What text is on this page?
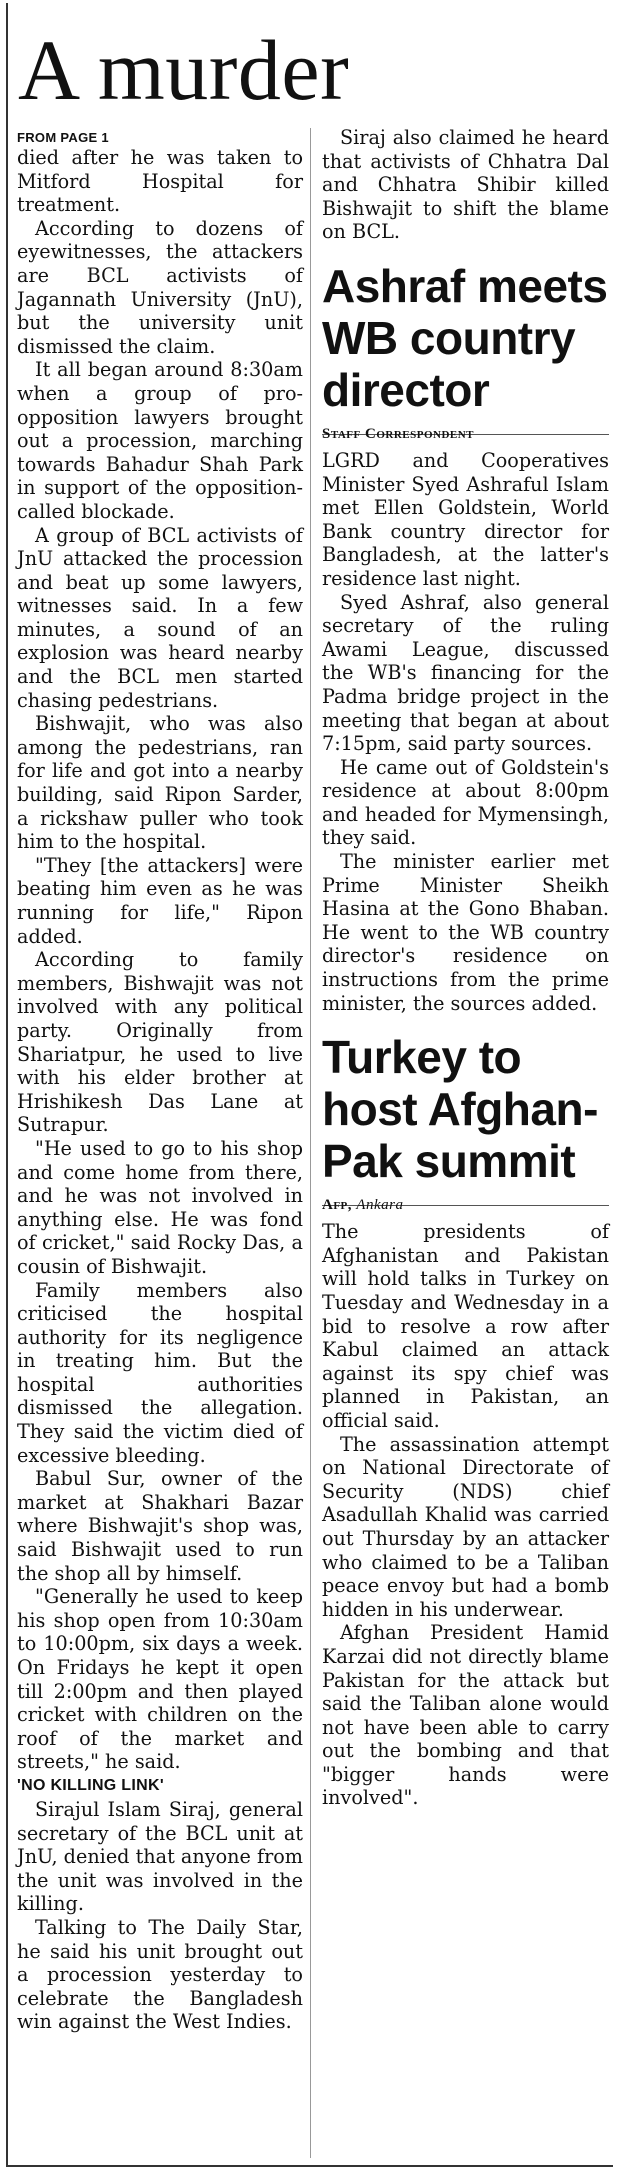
A murder

FROM PAGE 1

died after he was taken to Mitford Hospital for treatment.

According to dozens of eyewitnesses, the attackers are BCL activists of Jagannath University (JnU), but the university unit dismissed the claim.

It all began around 8:30am when a group of pro-opposition lawyers brought out a procession, marching towards Bahadur Shah Park in support of the opposition-called blockade.

A group of BCL activists of JnU attacked the procession and beat up some lawyers, witnesses said. In a few minutes, a sound of an explosion was heard nearby and the BCL men started chasing pedestrians.

Bishwajit, who was also among the pedestrians, ran for life and got into a nearby building, said Ripon Sarder, a rickshaw puller who took him to the hospital.

"They [the attackers] were beating him even as he was running for life," Ripon added.

According to family members, Bishwajit was not involved with any political party. Originally from Shariatpur, he used to live with his elder brother at Hrishikesh Das Lane at Sutrapur.

"He used to go to his shop and come home from there, and he was not involved in anything else. He was fond of cricket," said Rocky Das, a cousin of Bishwajit.

Family members also criticised the hospital authority for its negligence in treating him. But the hospital authorities dismissed the allegation. They said the victim died of excessive bleeding.

Babul Sur, owner of the market at Shakhari Bazar where Bishwajit's shop was, said Bishwajit used to run the shop all by himself.

"Generally he used to keep his shop open from 10:30am to 10:00pm, six days a week. On Fridays he kept it open till 2:00pm and then played cricket with children on the roof of the market and streets," he said.

'NO KILLING LINK'

Sirajul Islam Siraj, general secretary of the BCL unit at JnU, denied that anyone from the unit was involved in the killing.

Talking to The Daily Star, he said his unit brought out a procession yesterday to celebrate the Bangladesh win against the West Indies.

Siraj also claimed he heard that activists of Chhatra Dal and Chhatra Shibir killed Bishwajit to shift the blame on BCL.

Ashraf meets WB country director

Staff Correspondent

LGRD and Cooperatives Minister Syed Ashraful Islam met Ellen Goldstein, World Bank country director for Bangladesh, at the latter's residence last night.

Syed Ashraf, also general secretary of the ruling Awami League, discussed the WB's financing for the Padma bridge project in the meeting that began at about 7:15pm, said party sources.

He came out of Goldstein's residence at about 8:00pm and headed for Mymensingh, they said.

The minister earlier met Prime Minister Sheikh Hasina at the Gono Bhaban. He went to the WB country director's residence on instructions from the prime minister, the sources added.

Turkey to host Afghan-Pak summit

Afp, Ankara

The presidents of Afghanistan and Pakistan will hold talks in Turkey on Tuesday and Wednesday in a bid to resolve a row after Kabul claimed an attack against its spy chief was planned in Pakistan, an official said.

The assassination attempt on National Directorate of Security (NDS) chief Asadullah Khalid was carried out Thursday by an attacker who claimed to be a Taliban peace envoy but had a bomb hidden in his underwear.

Afghan President Hamid Karzai did not directly blame Pakistan for the attack but said the Taliban alone would not have been able to carry out the bombing and that "bigger hands were involved".
